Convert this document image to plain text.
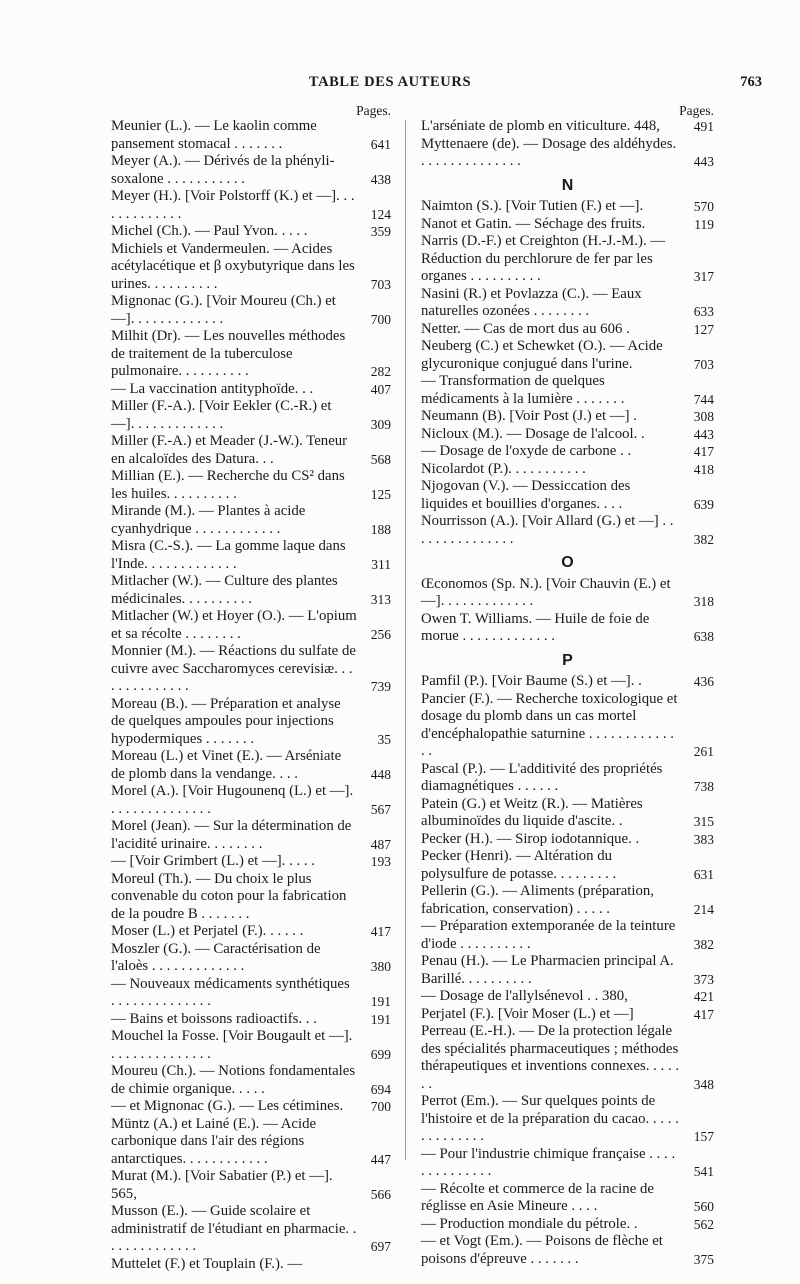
TABLE DES AUTEURS	763
Pages.

Meunier (L.). — Le kaolin comme pansement stomacal . . . . . . .	641

Meyer (A.). — Dérivés de la phényli-soxalone . . . . . . . . . . .	438

Meyer (H.). [Voir Polstorff (K.) et —]. . . . . . . . . . . . .	124

Michel (Ch.). — Paul Yvon. . . . .	359

Michiels et Vandermeulen. — Acides acétylacétique et β oxybutyrique dans les urines. . . . . . . . . .	703

Mignonac (G.). [Voir Moureu (Ch.) et —]. . . . . . . . . . . . .	700

Milhit (Dr). — Les nouvelles méthodes de traitement de la tuberculose pulmonaire. . . . . . . . . .	282

— La vaccination antityphoïde. . .	407

Miller (F.-A.). [Voir Eekler (C.-R.) et —]. . . . . . . . . . . . .	309

Miller (F.-A.) et Meader (J.-W.). Teneur en alcaloïdes des Datura. . .	568

Millian (E.). — Recherche du CS² dans les huiles. . . . . . . . . .	125

Mirande (M.). — Plantes à acide cyanhydrique . . . . . . . . . . . .	188

Misra (C.-S.). — La gomme laque dans l'Inde. . . . . . . . . . . . .	311

Mitlacher (W.). — Culture des plantes médicinales. . . . . . . . . .	313

Mitlacher (W.) et Hoyer (O.). — L'opium et sa récolte . . . . . . . .	256

Monnier (M.). — Réactions du sulfate de cuivre avec Saccharomyces cerevisiæ. . . . . . . . . . . . . .	739

Moreau (B.). — Préparation et analyse de quelques ampoules pour injections hypodermiques . . . . . . .	35

Moreau (L.) et Vinet (E.). — Arséniate de plomb dans la vendange. . . .	448

Morel (A.). [Voir Hugounenq (L.) et —]. . . . . . . . . . . . . . .	567

Morel (Jean). — Sur la détermination de l'acidité urinaire. . . . . . . .	487

— [Voir Grimbert (L.) et —]. . . . .	193

Moreul (Th.). — Du choix le plus convenable du coton pour la fabrication de la poudre B . . . . . . .

Moser (L.) et Perjatel (F.). . . . . .	417

Moszler (G.). — Caractérisation de l'aloès . . . . . . . . . . . . .	380

— Nouveaux médicaments synthétiques . . . . . . . . . . . . . .	191

— Bains et boissons radioactifs. . .	191

Mouchel la Fosse. [Voir Bougault et —]. . . . . . . . . . . . . . .	699

Moureu (Ch.). — Notions fondamentales de chimie organique. . . . .	694

— et Mignonac (G.). — Les cétimines. 700

Müntz (A.) et Lainé (E.). — Acide carbonique dans l'air des régions antarctiques. . . . . . . . . . . .	447

Murat (M.). [Voir Sabatier (P.) et —]. 565,	566

Musson (E.). — Guide scolaire et administratif de l'étudiant en pharmacie. . . . . . . . . . . . . .	697

Muttelet (F.) et Touplain (F.). —

Pages.

L'arséniate de plomb en viticulture. 448,	491

Myttenaere (de). — Dosage des aldéhydes. . . . . . . . . . . . . . .	443

N

Naimton (S.). [Voir Tutien (F.) et —].	570

Nanot et Gatin. — Séchage des fruits.	119

Narris (D.-F.) et Creighton (H.-J.-M.). — Réduction du perchlorure de fer par les organes . . . . . . . . . .	317

Nasini (R.) et Povlazza (C.). — Eaux naturelles ozonées . . . . . . . .	633

Netter. — Cas de mort dus au 606 .	127

Neuberg (C.) et Schewket (O.). — Acide glycuronique conjugué dans l'urine.	703

— Transformation de quelques médicaments à la lumière . . . . . . .	744

Neumann (B). [Voir Post (J.) et —] .	308

Nicloux (M.). — Dosage de l'alcool. .	443

— Dosage de l'oxyde de carbone . .	417

Nicolardot (P.). . . . . . . . . . .	418

Njogovan (V.). — Dessiccation des liquides et bouillies d'organes. . . .	639

Nourrisson (A.). [Voir Allard (G.) et —] . . . . . . . . . . . . . . .	382

O

Œconomos (Sp. N.). [Voir Chauvin (E.) et —]. . . . . . . . . . . . .	318

Owen T. Williams. — Huile de foie de morue . . . . . . . . . . . . .	638

P

Pamfil (P.). [Voir Baume (S.) et —]. .	436

Pancier (F.). — Recherche toxicologique et dosage du plomb dans un cas mortel d'encéphalopathie saturnine . . . . . . . . . . . . . .	261

Pascal (P.). — L'additivité des propriétés diamagnétiques . . . . . .	738

Patein (G.) et Weitz (R.). — Matières albuminoïdes du liquide d'ascite. .	315

Pecker (H.). — Sirop iodotannique. .	383

Pecker (Henri). — Altération du polysulfure de potasse. . . . . . . . .	631

Pellerin (G.). — Aliments (préparation, fabrication, conservation) . . . . .	214

— Préparation extemporanée de la teinture d'iode . . . . . . . . . .	382

Penau (H.). — Le Pharmacien principal A. Barillé. . . . . . . . . .	373

— Dosage de l'allylsénevol . . 380,	421

Perjatel (F.). [Voir Moser (L.) et —]	417

Perreau (E.-H.). — De la protection légale des spécialités pharmaceutiques ; méthodes thérapeutiques et inventions connexes. . . . . . .	348

Perrot (Em.). — Sur quelques points de l'histoire et de la préparation du cacao. . . . . . . . . . . . . .	157

— Pour l'industrie chimique française . . . . . . . . . . . . . .	541

— Récolte et commerce de la racine de réglisse en Asie Mineure . . . .	560

— Production mondiale du pétrole. .	562

— et Vogt (Em.). — Poisons de flèche et poisons d'épreuve . . . . . . .	375
